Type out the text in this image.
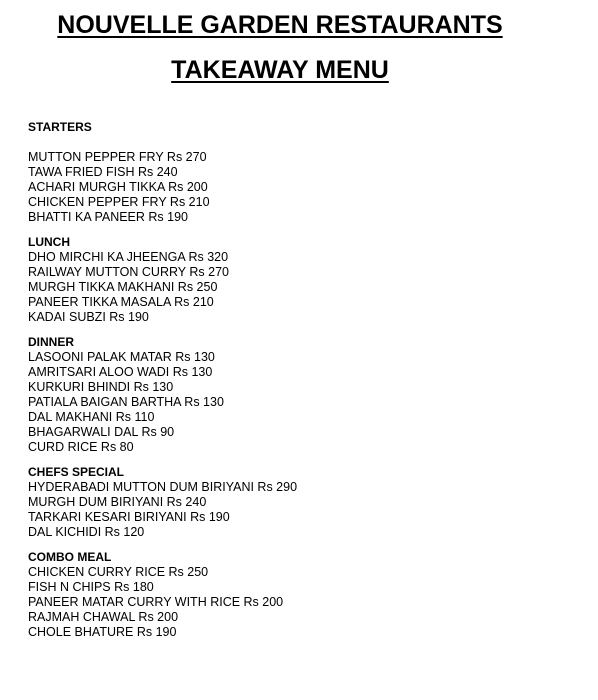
NOUVELLE GARDEN RESTAURANTS
TAKEAWAY MENU
STARTERS
MUTTON PEPPER FRY Rs 270
TAWA FRIED FISH Rs 240
ACHARI MURGH TIKKA Rs 200
CHICKEN PEPPER FRY Rs 210
BHATTI KA PANEER Rs 190
LUNCH
DHO MIRCHI KA JHEENGA Rs 320
RAILWAY MUTTON CURRY Rs 270
MURGH TIKKA MAKHANI Rs 250
PANEER TIKKA MASALA Rs 210
KADAI SUBZI Rs 190
DINNER
LASOONI PALAK MATAR Rs 130
AMRITSARI ALOO WADI Rs 130
KURKURI BHINDI Rs 130
PATIALA BAIGAN BARTHA Rs 130
DAL MAKHANI Rs 110
BHAGARWALI DAL Rs 90
CURD RICE Rs 80
CHEFS SPECIAL
HYDERABADI MUTTON DUM BIRIYANI Rs 290
MURGH DUM BIRIYANI Rs 240
TARKARI KESARI BIRIYANI Rs 190
DAL KICHIDI Rs 120
COMBO MEAL
CHICKEN CURRY RICE Rs 250
FISH N CHIPS Rs 180
PANEER MATAR CURRY WITH RICE Rs 200
RAJMAH CHAWAL Rs 200
CHOLE BHATURE Rs 190
